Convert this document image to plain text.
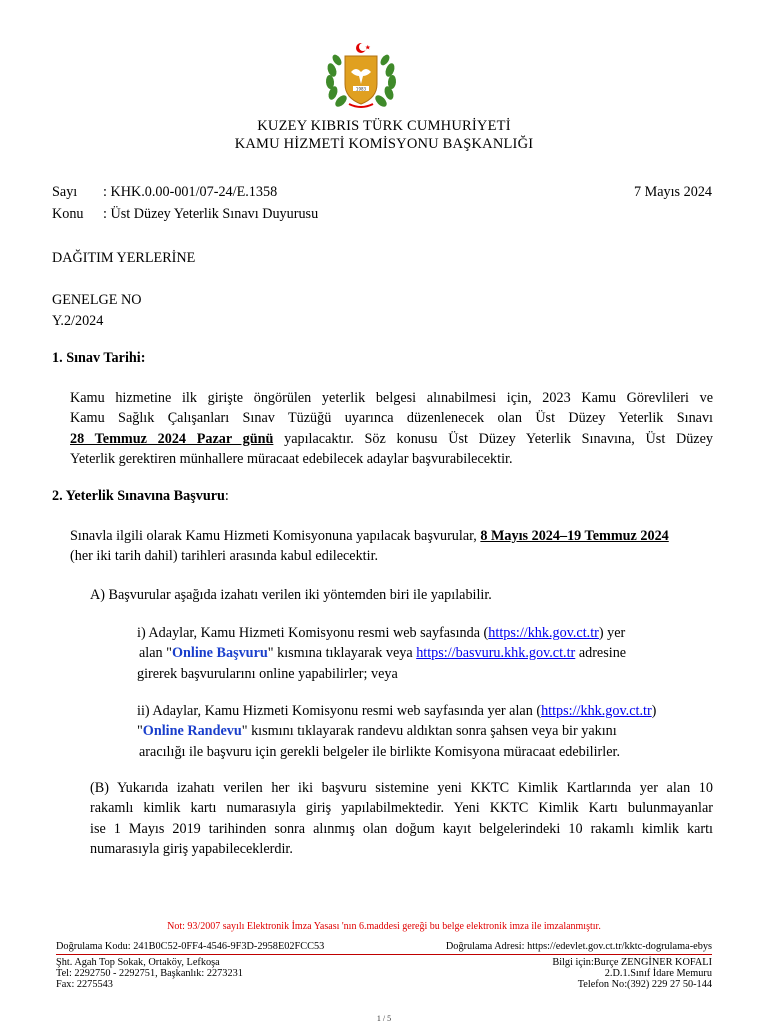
1983
KUZEY KIBRIS TÜRK CUMHURİYETİ
KAMU HİZMETİ KOMİSYONU BAŞKANLIĞI
Sayı : KHK.0.00-001/07-24/E.1358	7 Mayıs 2024
Konu : Üst Düzey Yeterlik Sınavı Duyurusu
DAĞITIM YERLERİNE
GENELGE NO
Y.2/2024
1. Sınav Tarihi:
Kamu hizmetine ilk girişte öngörülen yeterlik belgesi alınabilmesi için, 2023 Kamu Görevlileri ve
Kamu Sağlık Çalışanları Sınav Tüzüğü uyarınca düzenlenecek olan Üst Düzey Yeterlik Sınavı
28 Temmuz 2024 Pazar günü yapılacaktır. Söz konusu Üst Düzey Yeterlik Sınavına, Üst Düzey
Yeterlik gerektiren münhallere müracaat edebilecek adaylar başvurabilecektir.
2. Yeterlik Sınavına Başvuru:
Sınavla ilgili olarak Kamu Hizmeti Komisyonuna yapılacak başvurular, 8 Mayıs 2024–19 Temmuz 2024
(her iki tarih dahil) tarihleri arasında kabul edilecektir.
A) Başvurular aşağıda izahatı verilen iki yöntemden biri ile yapılabilir.
i) Adaylar, Kamu Hizmeti Komisyonu resmi web sayfasında (https://khk.gov.ct.tr) yer
alan "Online Başvuru" kısmına tıklayarak veya https://basvuru.khk.gov.ct.tr adresine
girerek başvurularını online yapabilirler; veya
ii) Adaylar, Kamu Hizmeti Komisyonu resmi web sayfasında yer alan (https://khk.gov.ct.tr)
"Online Randevu" kısmını tıklayarak randevu aldıktan sonra şahsen veya bir yakını
aracılığı ile başvuru için gerekli belgeler ile birlikte Komisyona müracaat edebilirler.
(B) Yukarıda izahatı verilen her iki başvuru sistemine yeni KKTC Kimlik Kartlarında yer alan 10
rakamlı kimlik kartı numarasıyla giriş yapılabilmektedir. Yeni KKTC Kimlik Kartı bulunmayanlar
ise 1 Mayıs 2019 tarihinden sonra alınmış olan doğum kayıt belgelerindeki 10 rakamlı kimlik kartı
numarasıyla giriş yapabileceklerdir.
Not: 93/2007 sayılı Elektronik İmza Yasası 'nın 6.maddesi gereği bu belge elektronik imza ile imzalanmıştır.
Doğrulama Kodu: 241B0C52-0FF4-4546-9F3D-2958E02FCC53	Doğrulama Adresi: https://edevlet.gov.ct.tr/kktc-dogrulama-ebys
Şht. Agah Top Sokak, Ortaköy, Lefkoşa
Tel: 2292750 - 2292751, Başkanlık: 2273231
Fax: 2275543
Bilgi için:Burçe ZENGİNER KOFALI
2.D.1.Sınıf İdare Memuru
Telefon No:(392) 229 27 50-144
1 / 5
